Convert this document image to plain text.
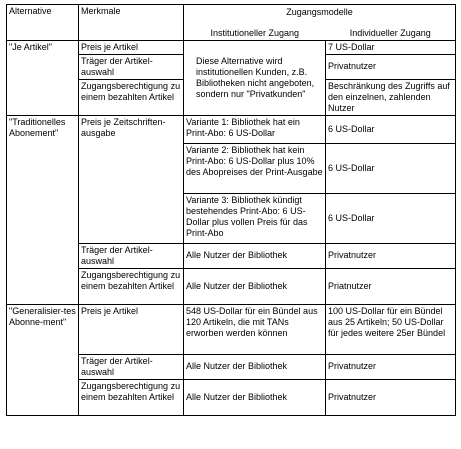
Alternative	Merkmale	Zugangsmodelle	
		Institutioneller Zugang	Individueller Zugang
"Je Artikel"	Preis je Artikel	Diese Alternative wird institutionellen Kunden, z.B. Bibliotheken nicht angeboten, sondern nur "Privatkunden"	7 US-Dollar
	Träger der Artikel-auswahl		Privatnutzer
	Zugangsberechtigung zu einem bezahlten Artikel		Beschränkung des Zugriffs auf den einzelnen, zahlenden Nutzer
"Traditionelles Abonement"	Preis je Zeitschriften-ausgabe	Variante 1: Bibliothek hat ein Print-Abo: 6 US-Dollar	6 US-Dollar
		Variante 2: Bibliothek hat kein Print-Abo: 6 US-Dollar plus 10% des Abopreises der Print-Ausgabe	6 US-Dollar
		Variante 3: Bibliothek kündigt bestehendes Print-Abo: 6 US-Dollar plus vollen Preis für das Print-Abo	6 US-Dollar
	Träger der Artikel-auswahl	Alle Nutzer der Bibliothek	Privatnutzer
	Zugangsberechtigung zu einem bezahlten Artikel	Alle Nutzer der Bibliothek	Priatnutzer
"Generalisier-tes Abonne-ment"	Preis je Artikel	548 US-Dollar für ein Bündel aus 120 Artikeln, die mit TANs erworben werden können	100 US-Dollar für ein Bündel aus 25 Artikeln; 50 US-Dollar für jedes weitere 25er Bündel
	Träger der Artikel-auswahl	Alle Nutzer der Bibliothek	Privatnutzer
	Zugangsberechtigung zu einem bezahlten Artikel	Alle Nutzer der Bibliothek	Privatnutzer
